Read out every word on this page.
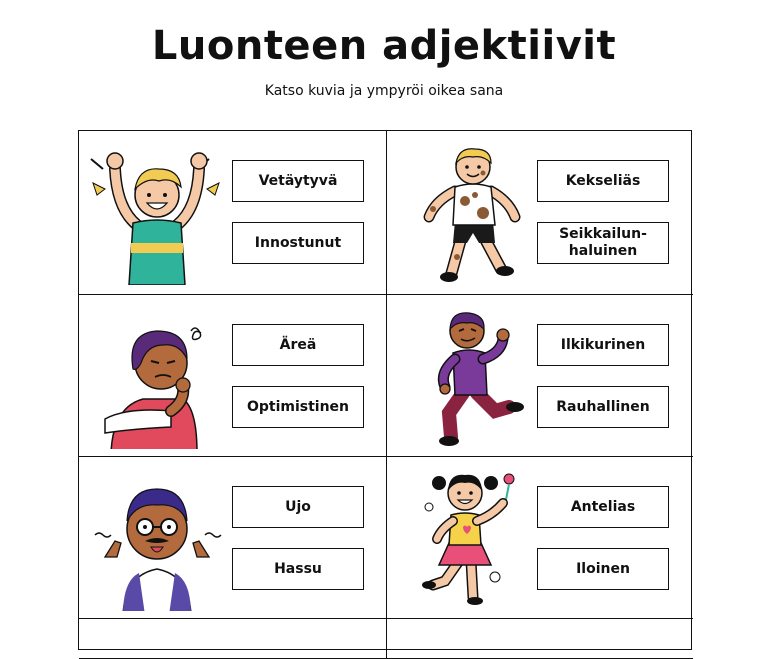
Luonteen adjektiivit
Katso kuvia ja ympyröi oikea sana
Vetäytyvä
Innostunut
Kekseliäs
Seikkailun-
haluinen
Äreä
Optimistinen
Ilkikurinen
Rauhallinen
Ujo
Hassu
Antelias
Iloinen
